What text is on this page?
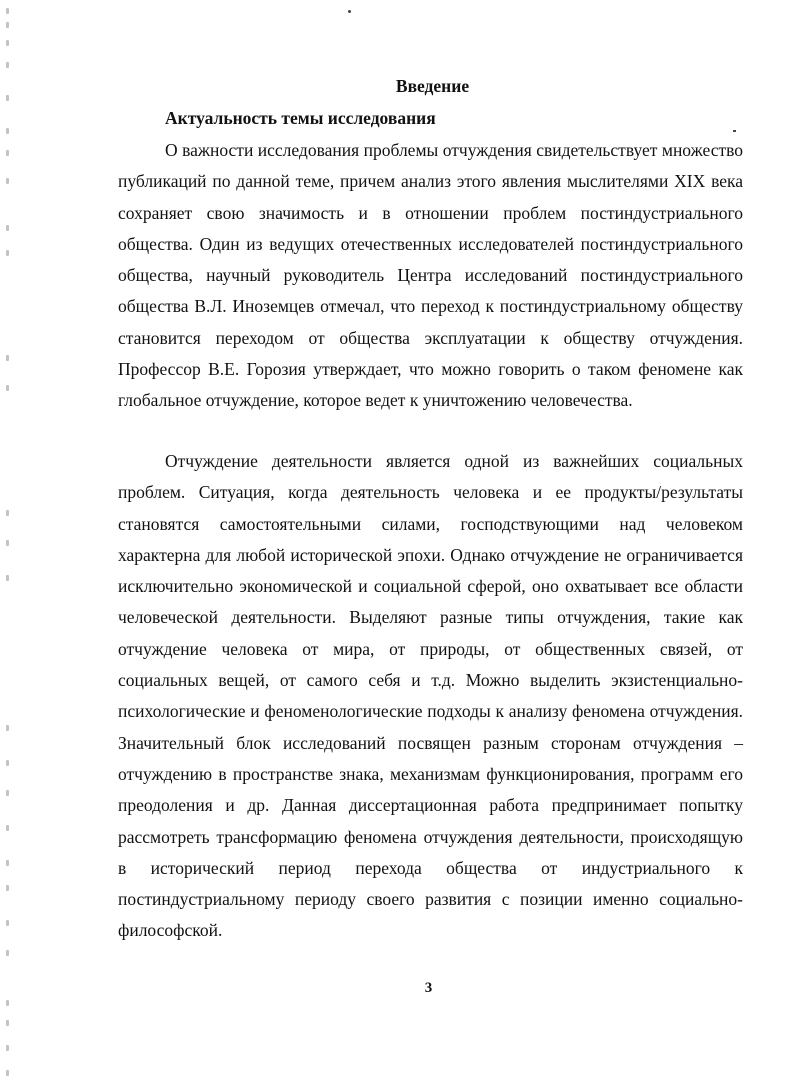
Введение
Актуальность темы исследования

О важности исследования проблемы отчуждения свидетельствует множество публикаций по данной теме, причем анализ этого явления мыслителями XIX века сохраняет свою значимость и в отношении проблем постиндустриального общества. Один из ведущих отечественных исследователей постиндустриального общества, научный руководитель Центра исследований постиндустриального общества В.Л. Иноземцев отмечал, что переход к постиндустриальному обществу становится переходом от общества эксплуатации к обществу отчуждения. Профессор В.Е. Горозия утверждает, что можно говорить о таком феномене как глобальное отчуждение, которое ведет к уничтожению человечества.

Отчуждение деятельности является одной из важнейших социальных проблем. Ситуация, когда деятельность человека и ее продукты/результаты становятся самостоятельными силами, господствующими над человеком характерна для любой исторической эпохи. Однако отчуждение не ограничивается исключительно экономической и социальной сферой, оно охватывает все области человеческой деятельности. Выделяют разные типы отчуждения, такие как отчуждение человека от мира, от природы, от общественных связей, от социальных вещей, от самого себя и т.д. Можно выделить экзистенциально-психологические и феноменологические подходы к анализу феномена отчуждения. Значительный блок исследований посвящен разным сторонам отчуждения – отчуждению в пространстве знака, механизмам функционирования, программ его преодоления и др. Данная диссертационная работа предпринимает попытку рассмотреть трансформацию феномена отчуждения деятельности, происходящую в исторический период перехода общества от индустриального к постиндустриальному периоду своего развития с позиции именно социально-философской.

3
